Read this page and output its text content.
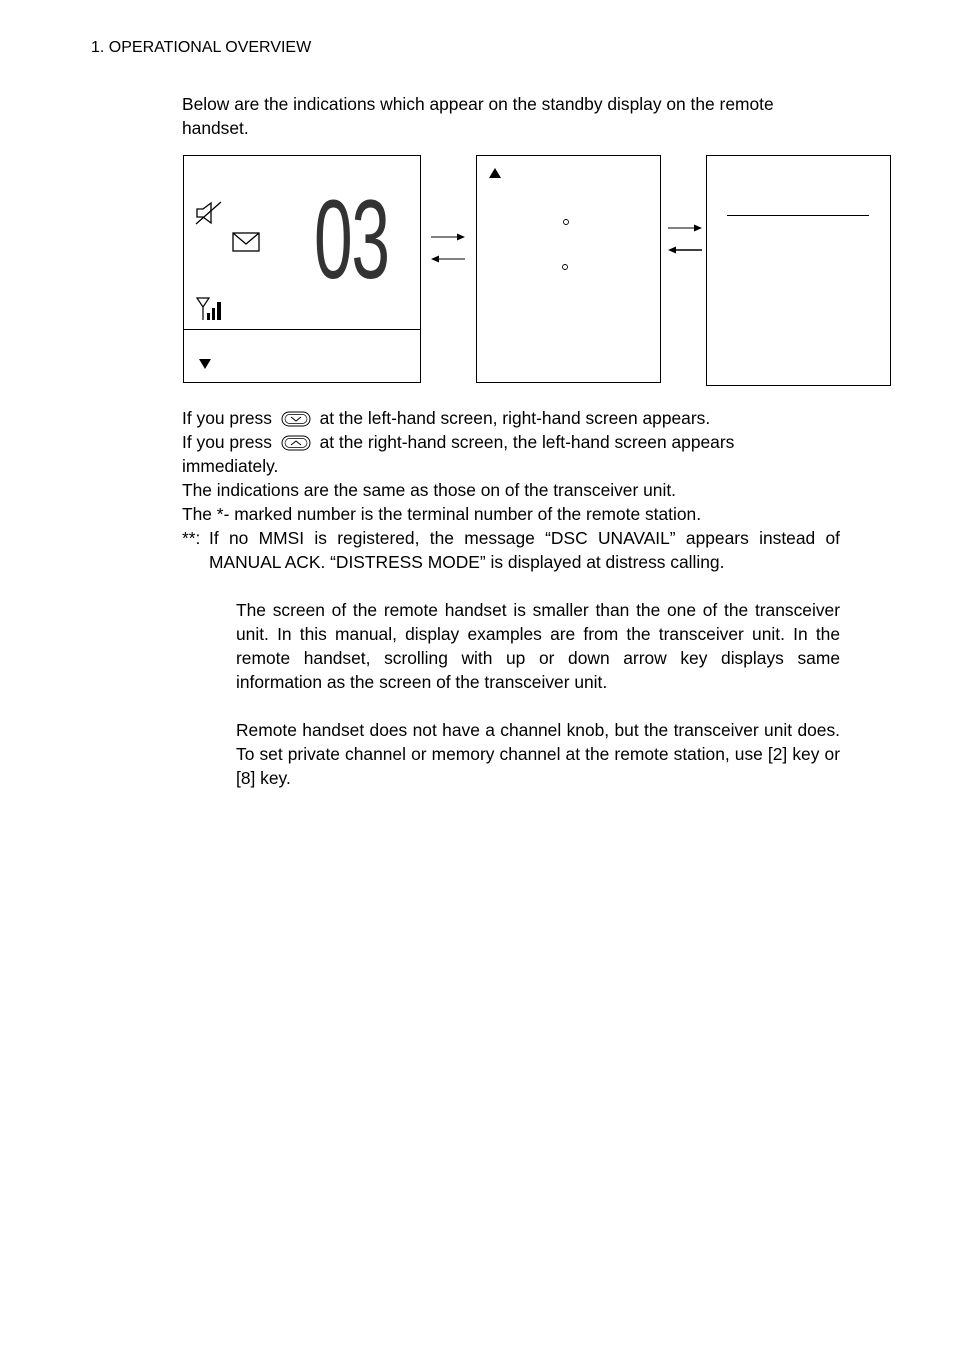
1. OPERATIONAL OVERVIEW
Below are the indications which appear on the standby display on the remote handset.
03
If you press	at the left-hand screen, right-hand screen appears.
If you press	at the right-hand screen, the left-hand screen appears
immediately.
The indications are the same as those on of the transceiver unit.
The *- marked number is the terminal number of the remote station.
**: If no MMSI is registered, the message “DSC UNAVAIL” appears instead of
MANUAL ACK. “DISTRESS MODE” is displayed at distress calling.
The screen of the remote handset is smaller than the one of the transceiver unit. In this manual, display examples are from the transceiver unit. In the remote handset, scrolling with up or down arrow key displays same information as the screen of the transceiver unit.
Remote handset does not have a channel knob, but the transceiver unit does. To set private channel or memory channel at the remote station, use [2] key or [8] key.
